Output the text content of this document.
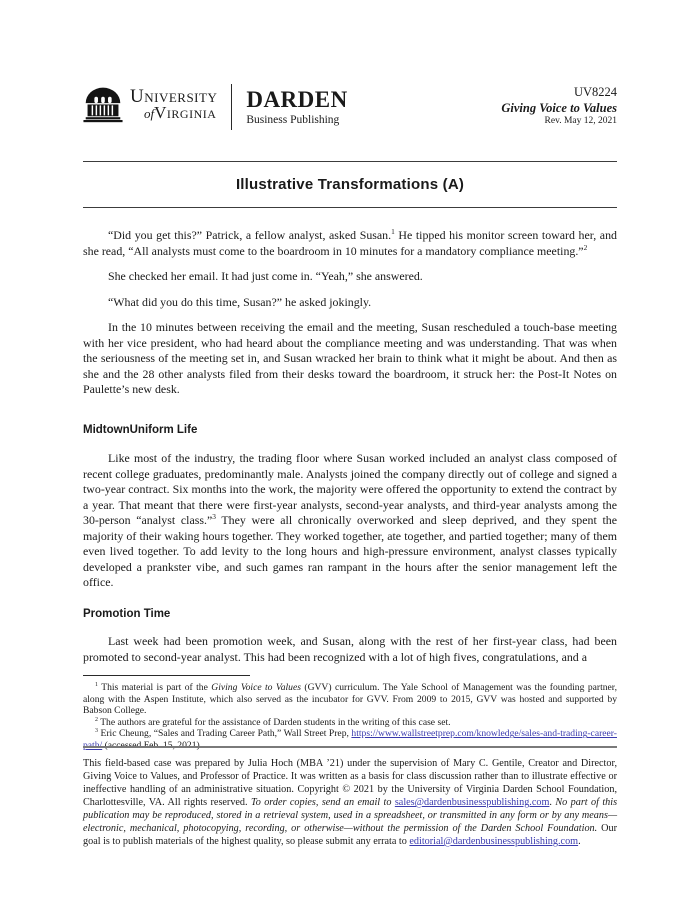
University
ofVirginia
DARDEN
Business Publishing
UV8224
Giving Voice to Values
Rev. May 12, 2021
Illustrative Transformations (A)

“Did you get this?” Patrick, a fellow analyst, asked Susan.$^1$ He tipped his monitor screen toward her, and she read, “All analysts must come to the boardroom in 10 minutes for a mandatory compliance meeting.”$^2$

She checked her email. It had just come in. “Yeah,” she answered.

“What did you do this time, Susan?” he asked jokingly.

In the 10 minutes between receiving the email and the meeting, Susan rescheduled a touch-base meeting with her vice president, who had heard about the compliance meeting and was understanding. That was when the seriousness of the meeting set in, and Susan wracked her brain to think what it might be about. And then as she and the 28 other analysts filed from their desks toward the boardroom, it struck her: the Post-It Notes on Paulette’s new desk.

MidtownUniform Life

Like most of the industry, the trading floor where Susan worked included an analyst class composed of recent college graduates, predominantly male. Analysts joined the company directly out of college and signed a two-year contract. Six months into the work, the majority were offered the opportunity to extend the contract by a year. That meant that there were first-year analysts, second-year analysts, and third-year analysts among the 30-person “analyst class.”$^3$ They were all chronically overworked and sleep deprived, and they spent the majority of their waking hours together. They worked together, ate together, and partied together; many of them even lived together. To add levity to the long hours and high-pressure environment, analyst classes typically developed a prankster vibe, and such games ran rampant in the hours after the senior management left the office.

Promotion Time

Last week had been promotion week, and Susan, along with the rest of her first-year class, had been promoted to second-year analyst. This had been recognized with a lot of high fives, congratulations, and a

$^1$ This material is part of the Giving Voice to Values (GVV) curriculum. The Yale School of Management was the founding partner, along with the Aspen Institute, which also served as the incubator for GVV. From 2009 to 2015, GVV was hosted and supported by Babson College.

$^2$ The authors are grateful for the assistance of Darden students in the writing of this case set.

$^3$ Eric Cheung, “Sales and Trading Career Path,” Wall Street Prep, https://www.wallstreetprep.com/knowledge/sales-and-trading-career-path/ (accessed Feb. 15, 2021).

This field-based case was prepared by Julia Hoch (MBA ’21) under the supervision of Mary C. Gentile, Creator and Director, Giving Voice to Values, and Professor of Practice. It was written as a basis for class discussion rather than to illustrate effective or ineffective handling of an administrative situation. Copyright © 2021 by the University of Virginia Darden School Foundation, Charlottesville, VA. All rights reserved. To order copies, send an email to sales@dardenbusinesspublishing.com. No part of this publication may be reproduced, stored in a retrieval system, used in a spreadsheet, or transmitted in any form or by any means—electronic, mechanical, photocopying, recording, or otherwise—without the permission of the Darden School Foundation. Our goal is to publish materials of the highest quality, so please submit any errata to editorial@dardenbusinesspublishing.com.
